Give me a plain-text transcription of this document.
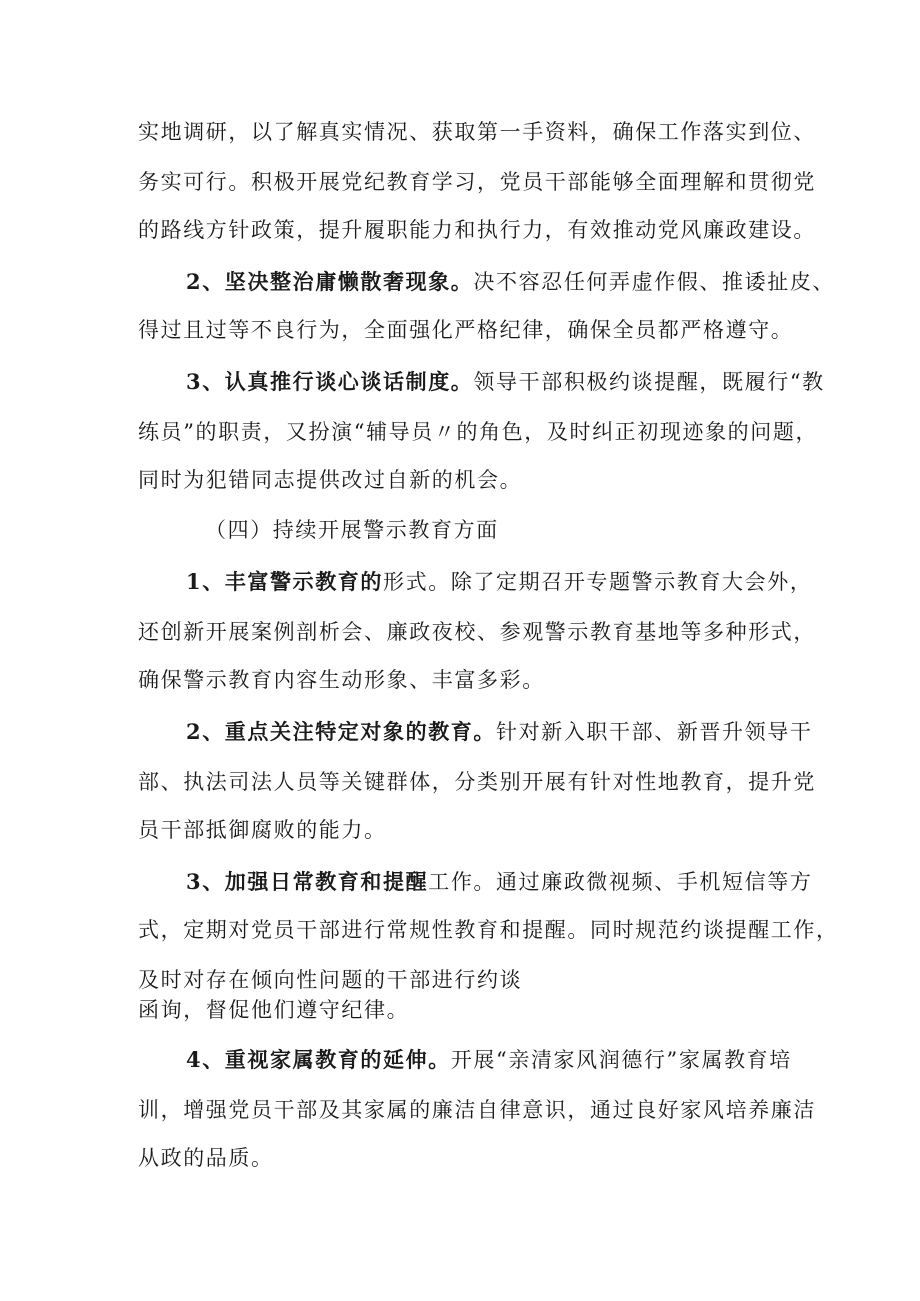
实地调研，以了解真实情况、获取第一手资料，确保工作落实到位、
务实可行。积极开展党纪教育学习，党员干部能够全面理解和贯彻党
的路线方针政策，提升履职能力和执行力，有效推动党风廉政建设。
2、坚决整治庸懒散奢现象。决不容忍任何弄虚作假、推诿扯皮、
得过且过等不良行为，全面强化严格纪律，确保全员都严格遵守。
3、认真推行谈心谈话制度。领导干部积极约谈提醒，既履行“教
练员”的职责，又扮演“辅导员〃的角色，及时纠正初现迹象的问题，
同时为犯错同志提供改过自新的机会。
（四）持续开展警示教育方面
1、丰富警示教育的形式。除了定期召开专题警示教育大会外，
还创新开展案例剖析会、廉政夜校、参观警示教育基地等多种形式，
确保警示教育内容生动形象、丰富多彩。
2、重点关注特定对象的教育。针对新入职干部、新晋升领导干
部、执法司法人员等关键群体，分类别开展有针对性地教育，提升党
员干部抵御腐败的能力。
3、加强日常教育和提醒工作。通过廉政微视频、手机短信等方
式，定期对党员干部进行常规性教育和提醒。同时规范约谈提醒工作，
及时对存在倾向性问题的干部进行约谈
函询，督促他们遵守纪律。
4、重视家属教育的延伸。开展“亲清家风润德行”家属教育培
训，增强党员干部及其家属的廉洁自律意识，通过良好家风培养廉洁
从政的品质。
